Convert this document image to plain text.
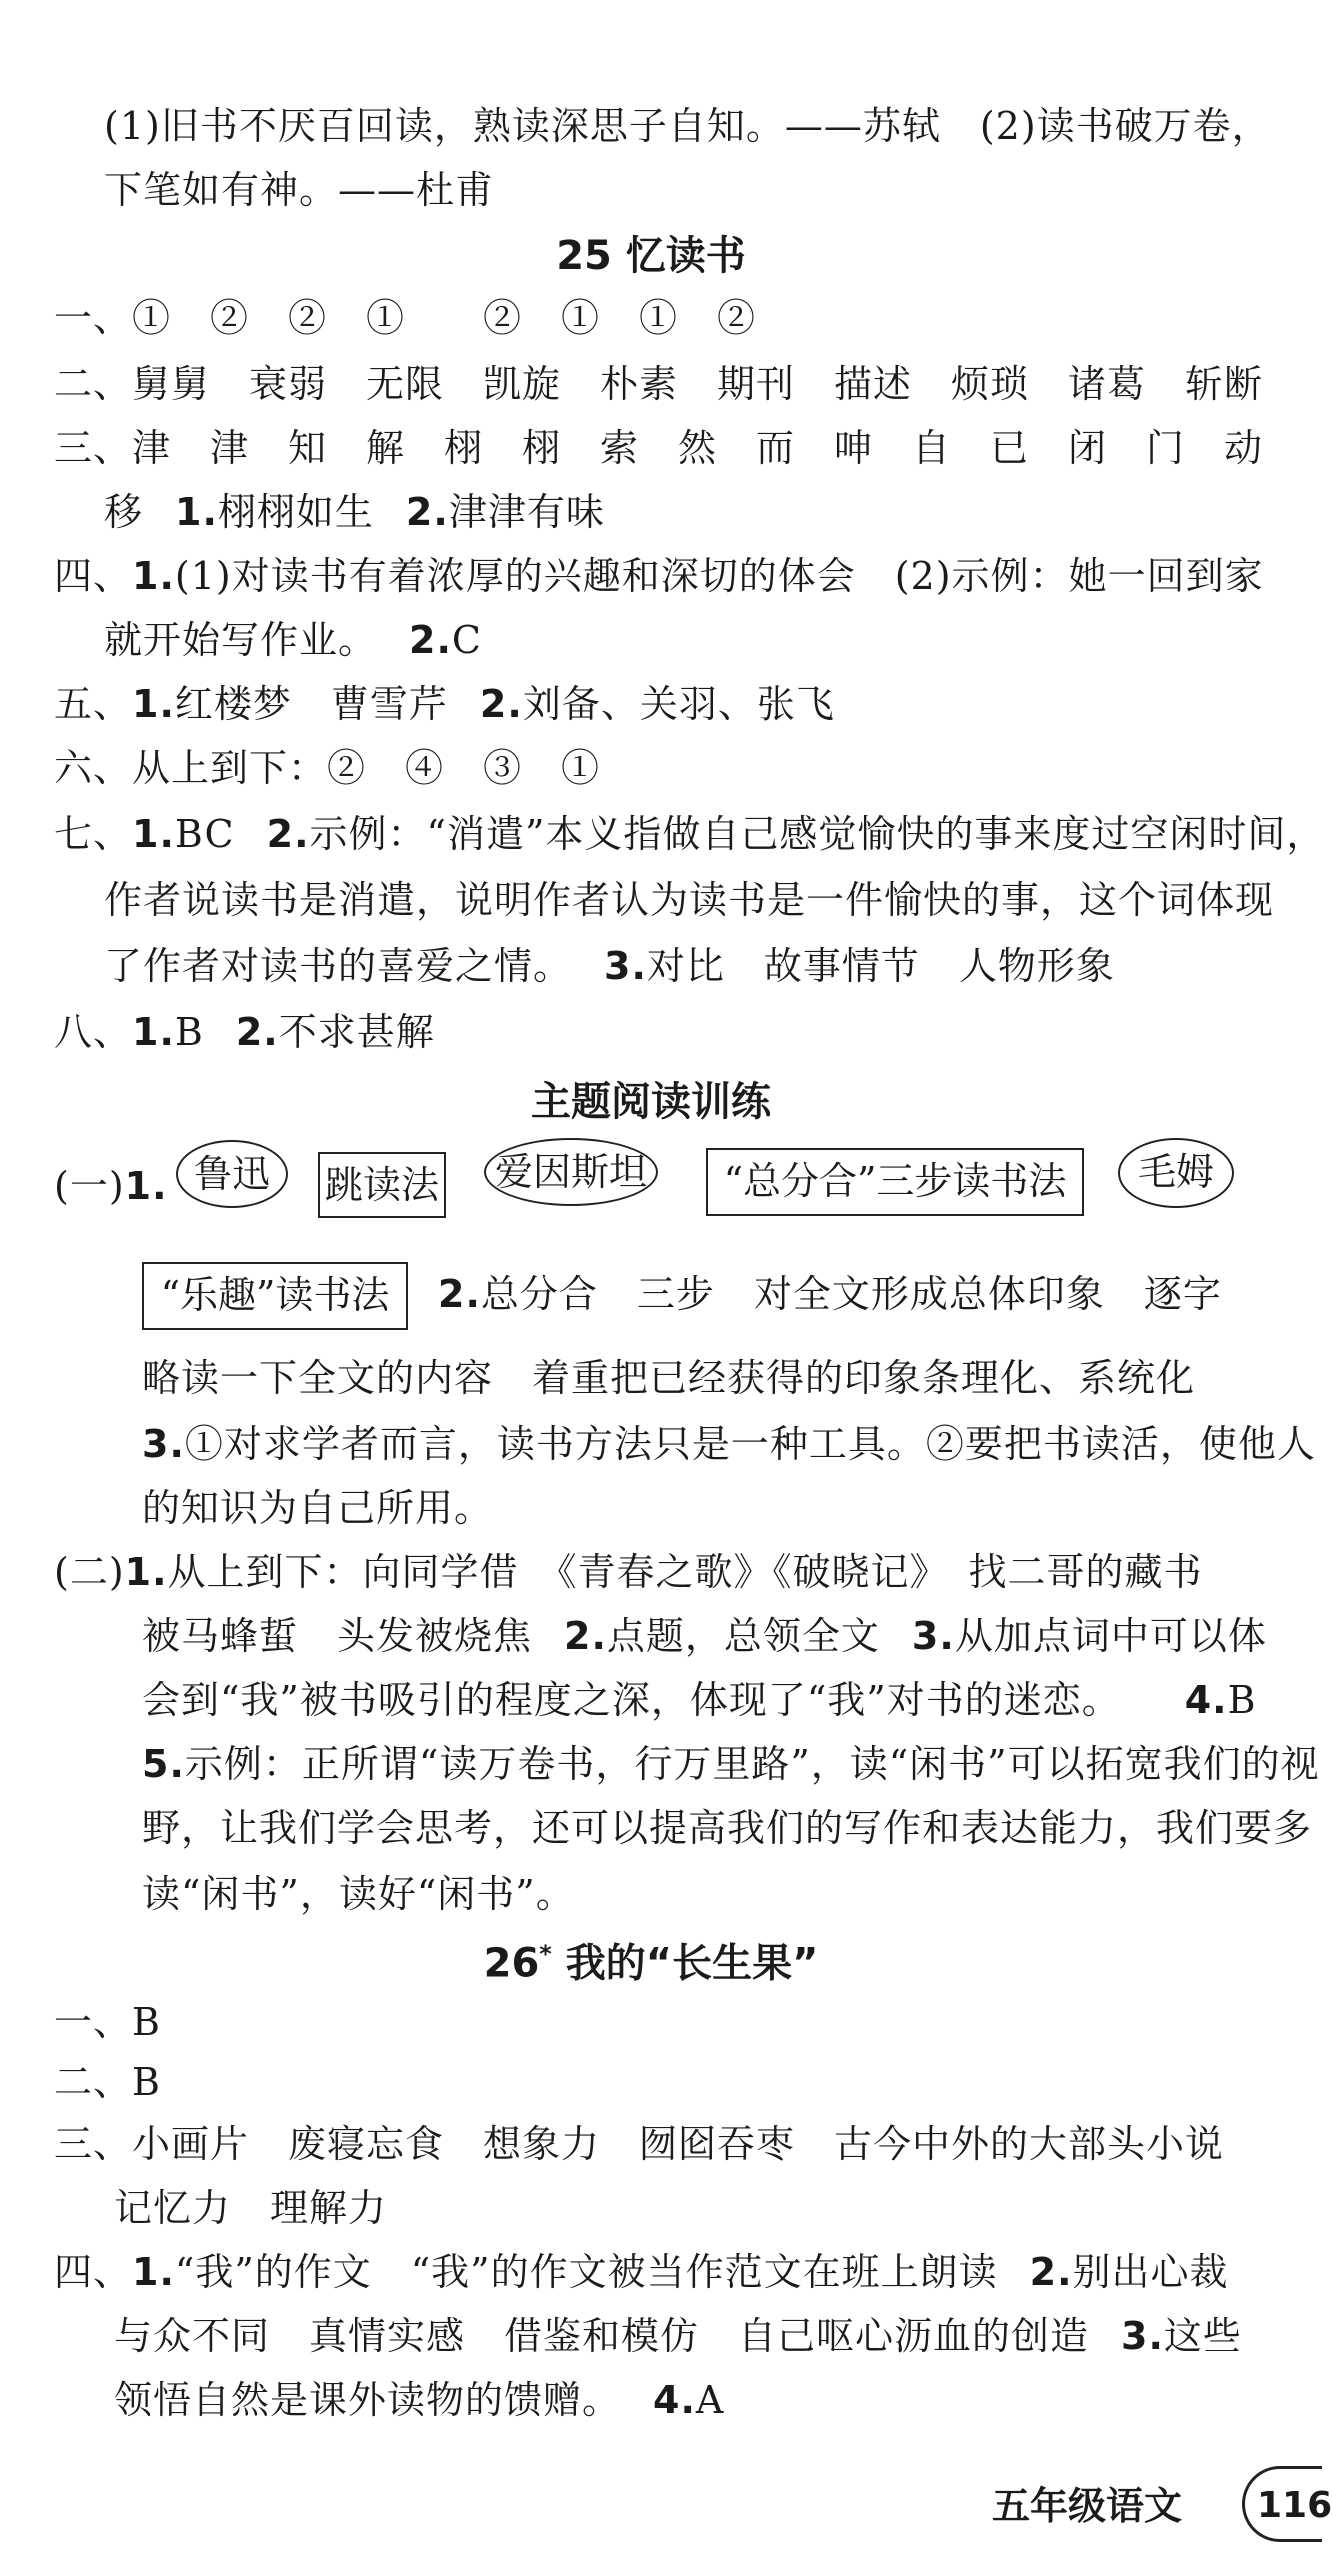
(1)旧书不厌百回读，熟读深思子自知。——苏轼　(2)读书破万卷，
下笔如有神。——杜甫
25 忆读书
一、①　②　②　①　　②　①　①　②
二、舅舅　衰弱　无限　凯旋　朴素　期刊　描述　烦琐　诸葛　斩断
三、津　津　知　解　栩　栩　索　然　而　呻　自　已　闭　门　动
移 1.栩栩如生 2.津津有味
四、1.(1)对读书有着浓厚的兴趣和深切的体会　(2)示例：她一回到家
就开始写作业。 2.C
五、1.红楼梦　曹雪芹 2.刘备、关羽、张飞
六、从上到下：②　④　③　①
七、1.BC 2.示例：“消遣”本义指做自己感觉愉快的事来度过空闲时间，
作者说读书是消遣，说明作者认为读书是一件愉快的事，这个词体现
了作者对读书的喜爱之情。 3.对比　故事情节　人物形象
八、1.B 2.不求甚解
主题阅读训练
(一)1. 鲁迅	跳读法 爱因斯坦	“总分合”三步读书法	毛姆
“乐趣”读书法	2.总分合　三步　对全文形成总体印象　逐字
略读一下全文的内容　着重把已经获得的印象条理化、系统化
3.①对求学者而言，读书方法只是一种工具。②要把书读活，使他人
的知识为自己所用。
(二)1.从上到下：向同学借　《青春之歌》《破晓记》　找二哥的藏书
被马蜂蜇　头发被烧焦 2.点题，总领全文 3.从加点词中可以体
会到“我”被书吸引的程度之深，体现了“我”对书的迷恋。 4.B
5.示例：正所谓“读万卷书，行万里路”，读“闲书”可以拓宽我们的视
野，让我们学会思考，还可以提高我们的写作和表达能力，我们要多
读“闲书”，读好“闲书”。
26* 我的“长生果”
一、B
二、B
三、小画片　废寝忘食　想象力　囫囵吞枣　古今中外的大部头小说
记忆力　理解力
四、1.“我”的作文　“我”的作文被当作范文在班上朗读 2.别出心裁
与众不同　真情实感　借鉴和模仿　自己呕心沥血的创造 3.这些
领悟自然是课外读物的馈赠。 4.A
五年级语文	116
